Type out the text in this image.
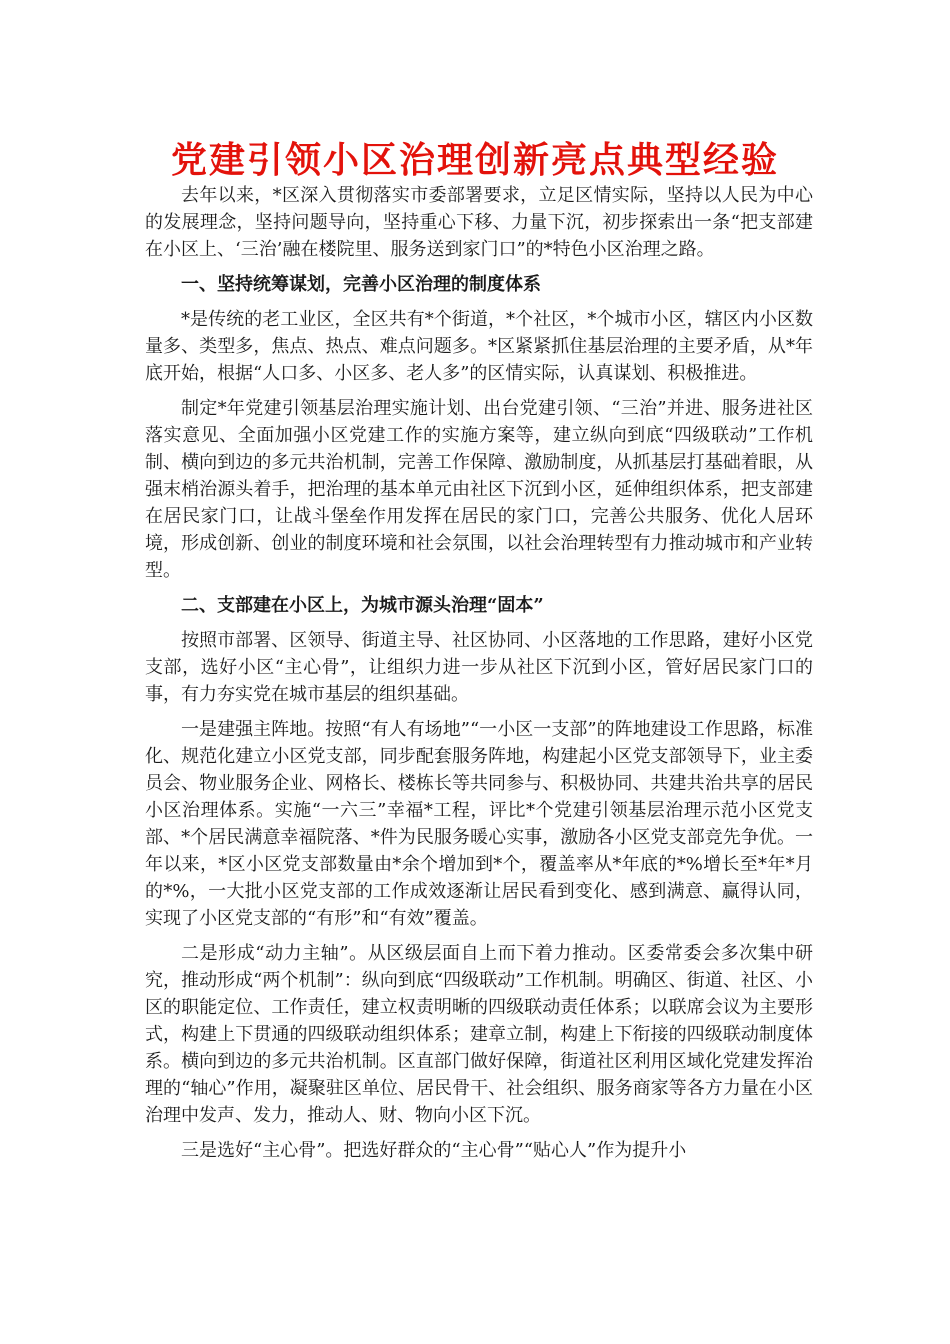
党建引领小区治理创新亮点典型经验

去年以来，*区深入贯彻落实市委部署要求，立足区情实际，坚持以人民为中心的发展理念，坚持问题导向，坚持重心下移、力量下沉，初步探索出一条“把支部建在小区上、‘三治’融在楼院里、服务送到家门口”的*特色小区治理之路。

一、坚持统筹谋划，完善小区治理的制度体系

*是传统的老工业区，全区共有*个街道，*个社区，*个城市小区，辖区内小区数量多、类型多，焦点、热点、难点问题多。*区紧紧抓住基层治理的主要矛盾，从*年底开始，根据“人口多、小区多、老人多”的区情实际，认真谋划、积极推进。

制定*年党建引领基层治理实施计划、出台党建引领、“三治”并进、服务进社区落实意见、全面加强小区党建工作的实施方案等，建立纵向到底“四级联动”工作机制、横向到边的多元共治机制，完善工作保障、激励制度，从抓基层打基础着眼，从强末梢治源头着手，把治理的基本单元由社区下沉到小区，延伸组织体系，把支部建在居民家门口，让战斗堡垒作用发挥在居民的家门口，完善公共服务、优化人居环境，形成创新、创业的制度环境和社会氛围，以社会治理转型有力推动城市和产业转型。

二、支部建在小区上，为城市源头治理“固本”

按照市部署、区领导、街道主导、社区协同、小区落地的工作思路，建好小区党支部，选好小区“主心骨”，让组织力进一步从社区下沉到小区，管好居民家门口的事，有力夯实党在城市基层的组织基础。

一是建强主阵地。按照“有人有场地”“一小区一支部”的阵地建设工作思路，标准化、规范化建立小区党支部，同步配套服务阵地，构建起小区党支部领导下，业主委员会、物业服务企业、网格长、楼栋长等共同参与、积极协同、共建共治共享的居民小区治理体系。实施“一六三”幸福*工程，评比*个党建引领基层治理示范小区党支部、*个居民满意幸福院落、*件为民服务暖心实事，激励各小区党支部竞先争优。一年以来，*区小区党支部数量由*余个增加到*个，覆盖率从*年底的*%增长至*年*月的*%，一大批小区党支部的工作成效逐渐让居民看到变化、感到满意、赢得认同，实现了小区党支部的“有形”和“有效”覆盖。

二是形成“动力主轴”。从区级层面自上而下着力推动。区委常委会多次集中研究，推动形成“两个机制”：纵向到底“四级联动”工作机制。明确区、街道、社区、小区的职能定位、工作责任，建立权责明晰的四级联动责任体系；以联席会议为主要形式，构建上下贯通的四级联动组织体系；建章立制，构建上下衔接的四级联动制度体系。横向到边的多元共治机制。区直部门做好保障，街道社区利用区域化党建发挥治理的“轴心”作用，凝聚驻区单位、居民骨干、社会组织、服务商家等各方力量在小区治理中发声、发力，推动人、财、物向小区下沉。

三是选好“主心骨”。把选好群众的“主心骨”“贴心人”作为提升小
